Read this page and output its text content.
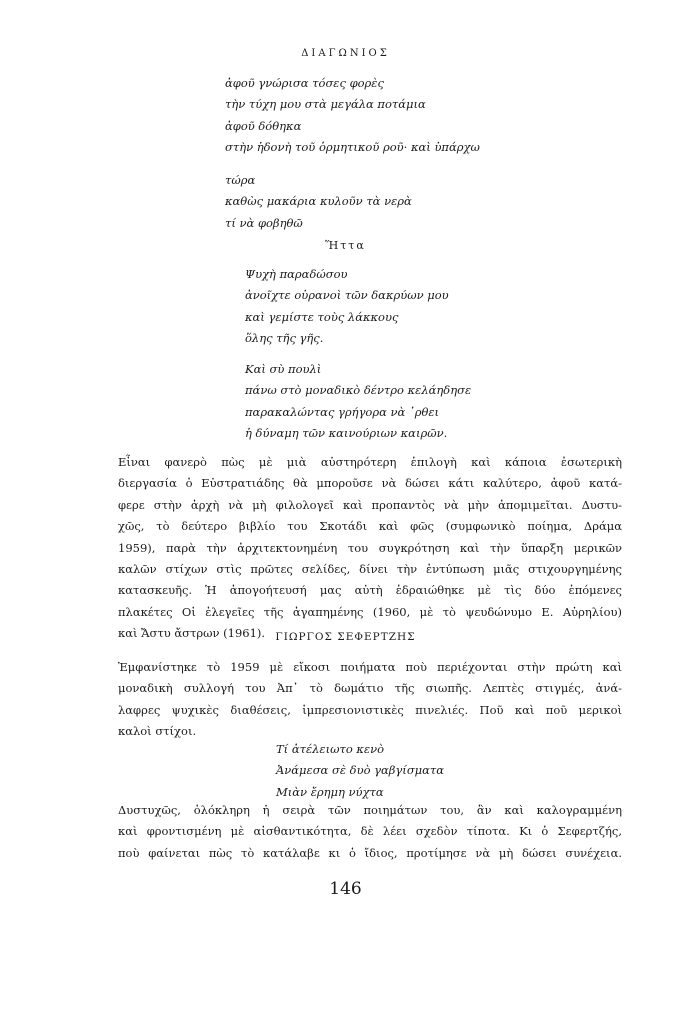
ΔΙΑΓΩΝΙΟΣ
ἀφοῦ γνώρισα τόσες φορὲς
τὴν τύχη μου στὰ μεγάλα ποτάμια
ἀφοῦ δόθηκα
στὴν ἡδονὴ τοῦ ὁρμητικοῦ ροῦ· καὶ ὑπάρχω
τώρα
καθὼς μακάρια κυλοῦν τὰ νερὰ
τί νὰ φοβηθῶ
Ἥττα
Ψυχὴ παραδώσου
ἀνοῖχτε οὐρανοὶ τῶν δακρύων μου
καὶ γεμίστε τοὺς λάκκους
ὅλης τῆς γῆς.
Καὶ σὺ πουλὶ
πάνω στὸ μοναδικὸ δέντρο κελάηδησε
παρακαλώντας γρήγορα νὰ ᾿ρθει
ἡ δύναμη τῶν καινούριων καιρῶν.
Εἶναι φανερὸ πὼς μὲ μιὰ αὐστηρότερη ἐπιλογὴ καὶ κάποια ἐσωτερικὴ
διεργασία ὁ Εὐστρατιάδης θὰ μποροῦσε νὰ δώσει κάτι καλύτερο, ἀφοῦ κατά-
φερε στὴν ἀρχὴ νὰ μὴ φιλολογεῖ καὶ προπαντὸς νὰ μὴν ἀπομιμεῖται. Δυστυ-
χῶς, τὸ δεύτερο βιβλίο του Σκοτάδι καὶ φῶς (συμφωνικὸ ποίημα, Δράμα
1959), παρὰ τὴν ἀρχιτεκτονημένη του συγκρότηση καὶ τὴν ὕπαρξη μερικῶν
καλῶν στίχων στὶς πρῶτες σελίδες, δίνει τὴν ἐντύπωση μιᾶς στιχουργημένης
κατασκευῆς. Ἡ ἀπογοήτευσή μας αὐτὴ ἑδραιώθηκε μὲ τὶς δύο ἑπόμενες
πλακέτες Οἱ ἐλεγεῖες τῆς ἀγαπημένης (1960, μὲ τὸ ψευδώνυμο Ε. Αὐρηλίου)
καὶ Ἄστυ ἄστρων (1961). ΓΙΩΡΓΟΣ ΣΕΦΕΡΤΖΗΣ
Ἐμφανίστηκε τὸ 1959 μὲ εἴκοσι ποιήματα ποὺ περιέχονται στὴν πρώτη καὶ
μοναδικὴ συλλογή του Ἀπ᾿ τὸ δωμάτιο τῆς σιωπῆς. Λεπτὲς στιγμές, ἀνά-
λαφρες ψυχικὲς διαθέσεις, ἰμπρεσιονιστικὲς πινελιές. Ποῦ καὶ ποῦ μερικοὶ
καλοὶ στίχοι.
Τί ἀτέλειωτο κενὸ
Ἀνάμεσα σὲ δυὸ γαβγίσματα
Μιὰν ἔρημη νύχτα
Δυστυχῶς, ὁλόκληρη ἡ σειρὰ τῶν ποιημάτων του, ἂν καὶ καλογραμμένη
καὶ φροντισμένη μὲ αἰσθαντικότητα, δὲ λέει σχεδὸν τίποτα. Κι ὁ Σεφερτζής,
ποὺ φαίνεται πὼς τὸ κατάλαβε κι ὁ ἴδιος, προτίμησε νὰ μὴ δώσει συνέχεια.
146
